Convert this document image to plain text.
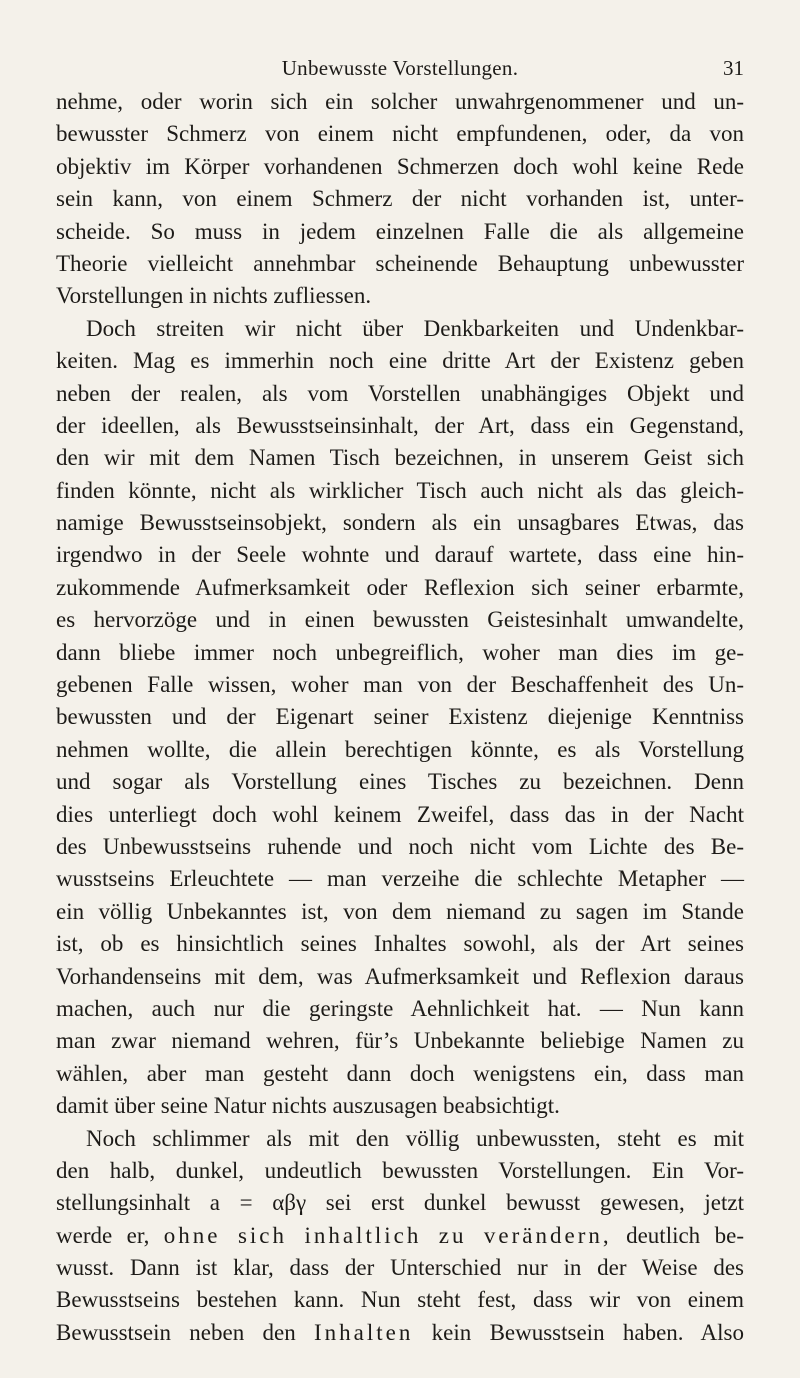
Unbewusste Vorstellungen.	31
nehme, oder worin sich ein solcher unwahrgenommener und un-
bewusster Schmerz von einem nicht empfundenen, oder, da von
objektiv im Körper vorhandenen Schmerzen doch wohl keine Rede
sein kann, von einem Schmerz der nicht vorhanden ist, unter-
scheide. So muss in jedem einzelnen Falle die als allgemeine
Theorie vielleicht annehmbar scheinende Behauptung unbewusster
Vorstellungen in nichts zufliessen.
Doch streiten wir nicht über Denkbarkeiten und Undenkbar-
keiten. Mag es immerhin noch eine dritte Art der Existenz geben
neben der realen, als vom Vorstellen unabhängiges Objekt und
der ideellen, als Bewusstseinsinhalt, der Art, dass ein Gegenstand,
den wir mit dem Namen Tisch bezeichnen, in unserem Geist sich
finden könnte, nicht als wirklicher Tisch auch nicht als das gleich-
namige Bewusstseinsobjekt, sondern als ein unsagbares Etwas, das
irgendwo in der Seele wohnte und darauf wartete, dass eine hin-
zukommende Aufmerksamkeit oder Reflexion sich seiner erbarmte,
es hervorzöge und in einen bewussten Geistesinhalt umwandelte,
dann bliebe immer noch unbegreiflich, woher man dies im ge-
gebenen Falle wissen, woher man von der Beschaffenheit des Un-
bewussten und der Eigenart seiner Existenz diejenige Kenntniss
nehmen wollte, die allein berechtigen könnte, es als Vorstellung
und sogar als Vorstellung eines Tisches zu bezeichnen. Denn
dies unterliegt doch wohl keinem Zweifel, dass das in der Nacht
des Unbewusstseins ruhende und noch nicht vom Lichte des Be-
wusstseins Erleuchtete — man verzeihe die schlechte Metapher —
ein völlig Unbekanntes ist, von dem niemand zu sagen im Stande
ist, ob es hinsichtlich seines Inhaltes sowohl, als der Art seines
Vorhandenseins mit dem, was Aufmerksamkeit und Reflexion daraus
machen, auch nur die geringste Aehnlichkeit hat. — Nun kann
man zwar niemand wehren, für’s Unbekannte beliebige Namen zu
wählen, aber man gesteht dann doch wenigstens ein, dass man
damit über seine Natur nichts auszusagen beabsichtigt.
Noch schlimmer als mit den völlig unbewussten, steht es mit
den halb, dunkel, undeutlich bewussten Vorstellungen. Ein Vor-
stellungsinhalt a = αβγ sei erst dunkel bewusst gewesen, jetzt
werde er, ohne sich inhaltlich zu verändern, deutlich be-
wusst. Dann ist klar, dass der Unterschied nur in der Weise des
Bewusstseins bestehen kann. Nun steht fest, dass wir von einem
Bewusstsein neben den Inhalten kein Bewusstsein haben. Also
